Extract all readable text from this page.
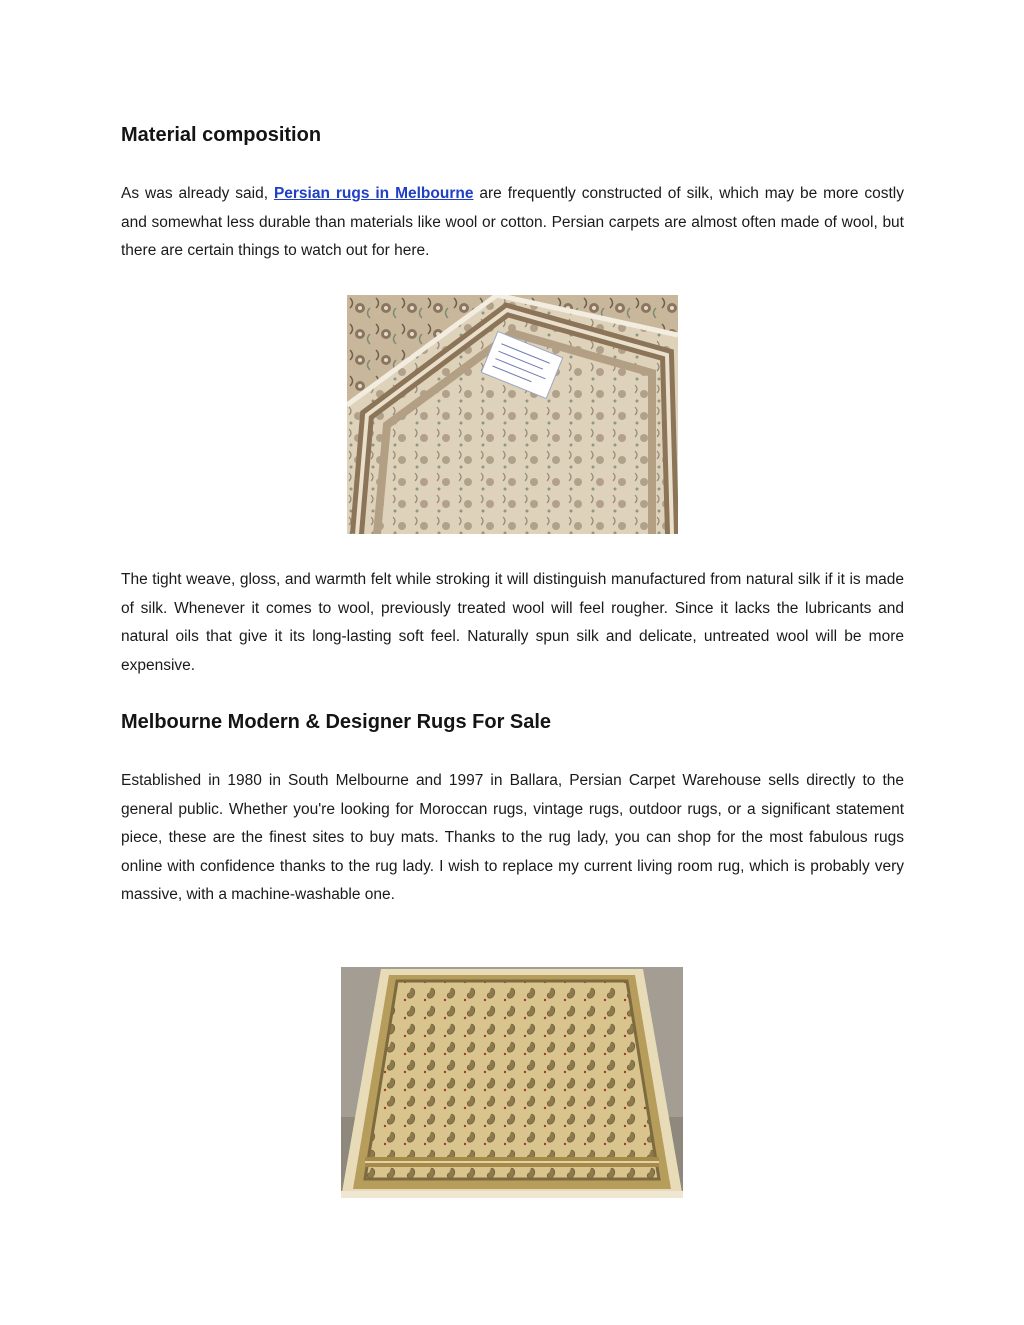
Material composition

As was already said, Persian rugs in Melbourne are frequently constructed of silk, which may be more costly and somewhat less durable than materials like wool or cotton. Persian carpets are almost often made of wool, but there are certain things to watch out for here.

The tight weave, gloss, and warmth felt while stroking it will distinguish manufactured from natural silk if it is made of silk. Whenever it comes to wool, previously treated wool will feel rougher. Since it lacks the lubricants and natural oils that give it its long-lasting soft feel. Naturally spun silk and delicate, untreated wool will be more expensive.

Melbourne Modern & Designer Rugs For Sale

Established in 1980 in South Melbourne and 1997 in Ballara, Persian Carpet Warehouse sells directly to the general public. Whether you're looking for Moroccan rugs, vintage rugs, outdoor rugs, or a significant statement piece, these are the finest sites to buy mats. Thanks to the rug lady, you can shop for the most fabulous rugs online with confidence thanks to the rug lady. I wish to replace my current living room rug, which is probably very massive, with a machine-washable one.
